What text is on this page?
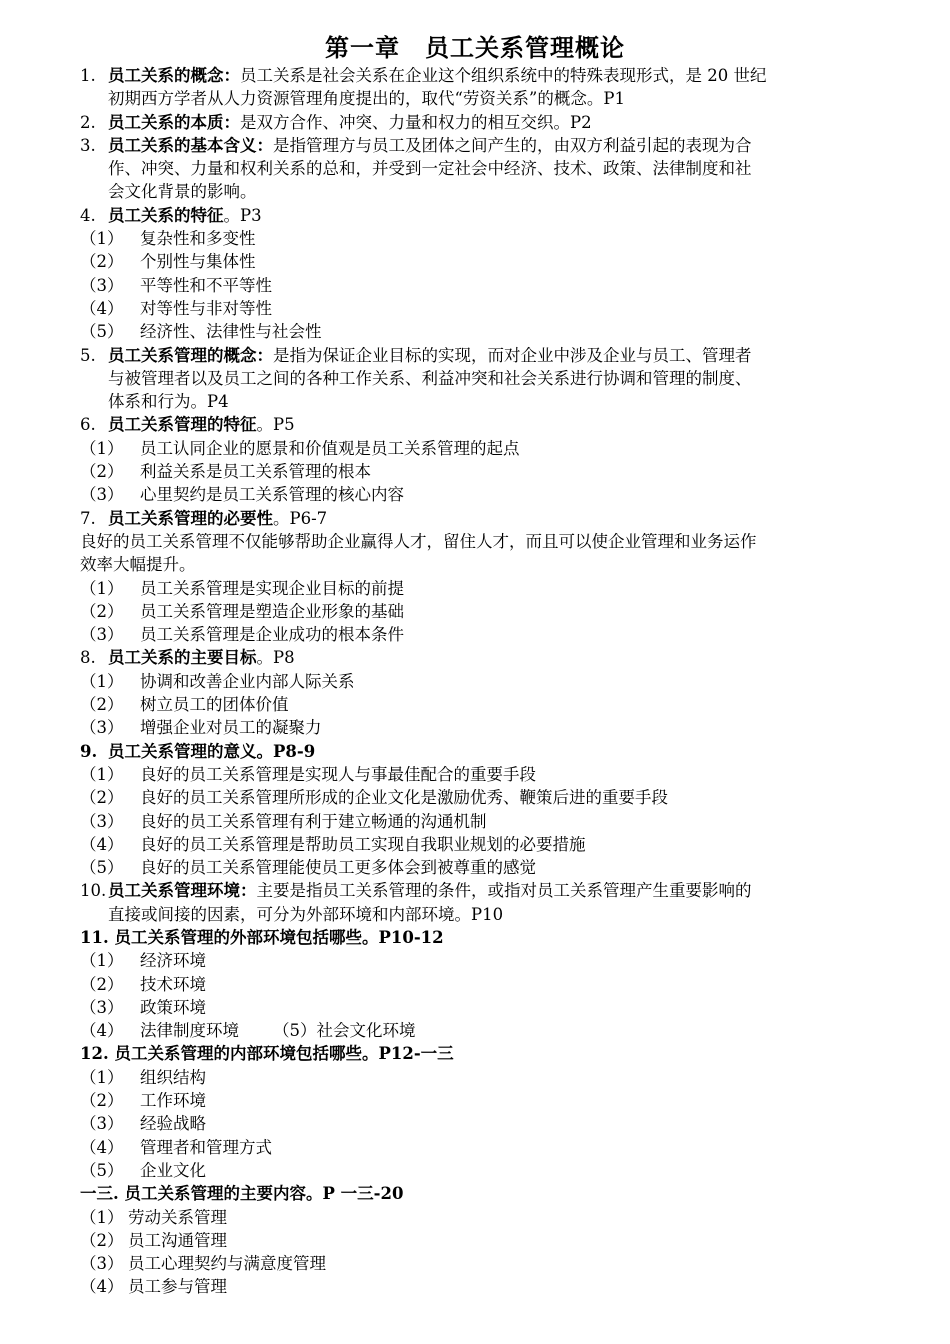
第一章　员工关系管理概论
1. 员工关系的概念：员工关系是社会关系在企业这个组织系统中的特殊表现形式，是 20 世纪
初期西方学者从人力资源管理角度提出的，取代“劳资关系”的概念。P1
2. 员工关系的本质：是双方合作、冲突、力量和权力的相互交织。P2
3. 员工关系的基本含义：是指管理方与员工及团体之间产生的，由双方利益引起的表现为合
作、冲突、力量和权利关系的总和，并受到一定社会中经济、技术、政策、法律制度和社
会文化背景的影响。
4. 员工关系的特征。P3
（1） 复杂性和多变性
（2） 个别性与集体性
（3） 平等性和不平等性
（4） 对等性与非对等性
（5） 经济性、法律性与社会性
5. 员工关系管理的概念：是指为保证企业目标的实现，而对企业中涉及企业与员工、管理者
与被管理者以及员工之间的各种工作关系、利益冲突和社会关系进行协调和管理的制度、
体系和行为。P4
6. 员工关系管理的特征。P5
（1） 员工认同企业的愿景和价值观是员工关系管理的起点
（2） 利益关系是员工关系管理的根本
（3） 心里契约是员工关系管理的核心内容
7. 员工关系管理的必要性。P6-7
良好的员工关系管理不仅能够帮助企业赢得人才，留住人才，而且可以使企业管理和业务运作
效率大幅提升。
（1） 员工关系管理是实现企业目标的前提
（2） 员工关系管理是塑造企业形象的基础
（3） 员工关系管理是企业成功的根本条件
8. 员工关系的主要目标。P8
（1） 协调和改善企业内部人际关系
（2） 树立员工的团体价值
（3） 增强企业对员工的凝聚力
9. 员工关系管理的意义。P8-9
（1） 良好的员工关系管理是实现人与事最佳配合的重要手段
（2） 良好的员工关系管理所形成的企业文化是激励优秀、鞭策后进的重要手段
（3） 良好的员工关系管理有利于建立畅通的沟通机制
（4） 良好的员工关系管理是帮助员工实现自我职业规划的必要措施
（5） 良好的员工关系管理能使员工更多体会到被尊重的感觉
10. 员工关系管理环境：主要是指员工关系管理的条件，或指对员工关系管理产生重要影响的
直接或间接的因素，可分为外部环境和内部环境。P10
11. 员工关系管理的外部环境包括哪些。P10-12
（1） 经济环境
（2） 技术环境
（3） 政策环境
（4） 法律制度环境 （5）社会文化环境
12. 员工关系管理的内部环境包括哪些。P12-一三
（1） 组织结构
（2） 工作环境
（3） 经验战略
（4） 管理者和管理方式
（5） 企业文化
一三. 员工关系管理的主要内容。P 一三-20
（1） 劳动关系管理
（2） 员工沟通管理
（3） 员工心理契约与满意度管理
（4） 员工参与管理
